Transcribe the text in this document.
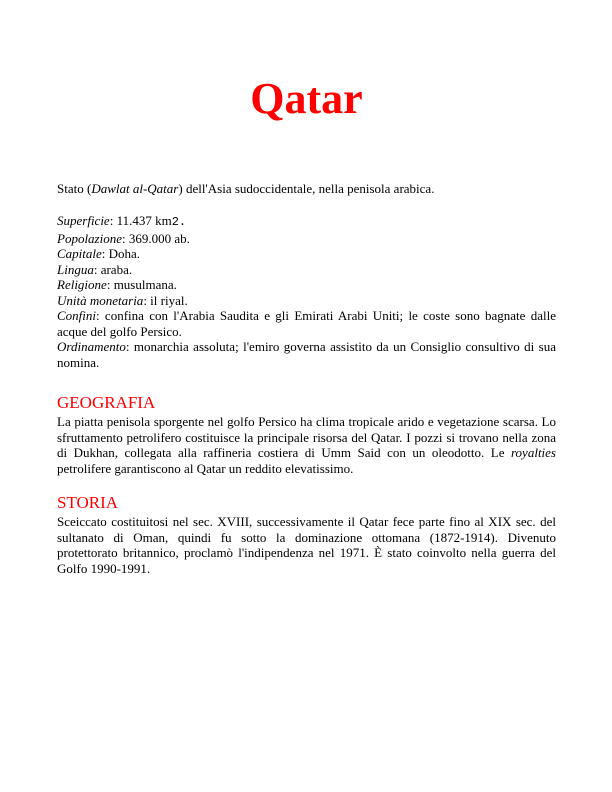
Qatar

Stato (Dawlat al-Qatar) dell'Asia sudoccidentale, nella penisola arabica.

Superficie: 11.437 km2.
Popolazione: 369.000 ab.
Capitale: Doha.
Lingua: araba.
Religione: musulmana.
Unità monetaria: il riyal.
Confini: confina con l'Arabia Saudita e gli Emirati Arabi Uniti; le coste sono bagnate dalle acque del golfo Persico.
Ordinamento: monarchia assoluta; l'emiro governa assistito da un Consiglio consultivo di sua nomina.
GEOGRAFIA

La piatta penisola sporgente nel golfo Persico ha clima tropicale arido e vegetazione scarsa. Lo sfruttamento petrolifero costituisce la principale risorsa del Qatar. I pozzi si trovano nella zona di Dukhan, collegata alla raffineria costiera di Umm Said con un oleodotto. Le royalties petrolifere garantiscono al Qatar un reddito elevatissimo.

STORIA

Sceiccato costituitosi nel sec. XVIII, successivamente il Qatar fece parte fino al XIX sec. del sultanato di Oman, quindi fu sotto la dominazione ottomana (1872-1914). Divenuto protettorato britannico, proclamò l'indipendenza nel 1971. È stato coinvolto nella guerra del Golfo 1990-1991.
